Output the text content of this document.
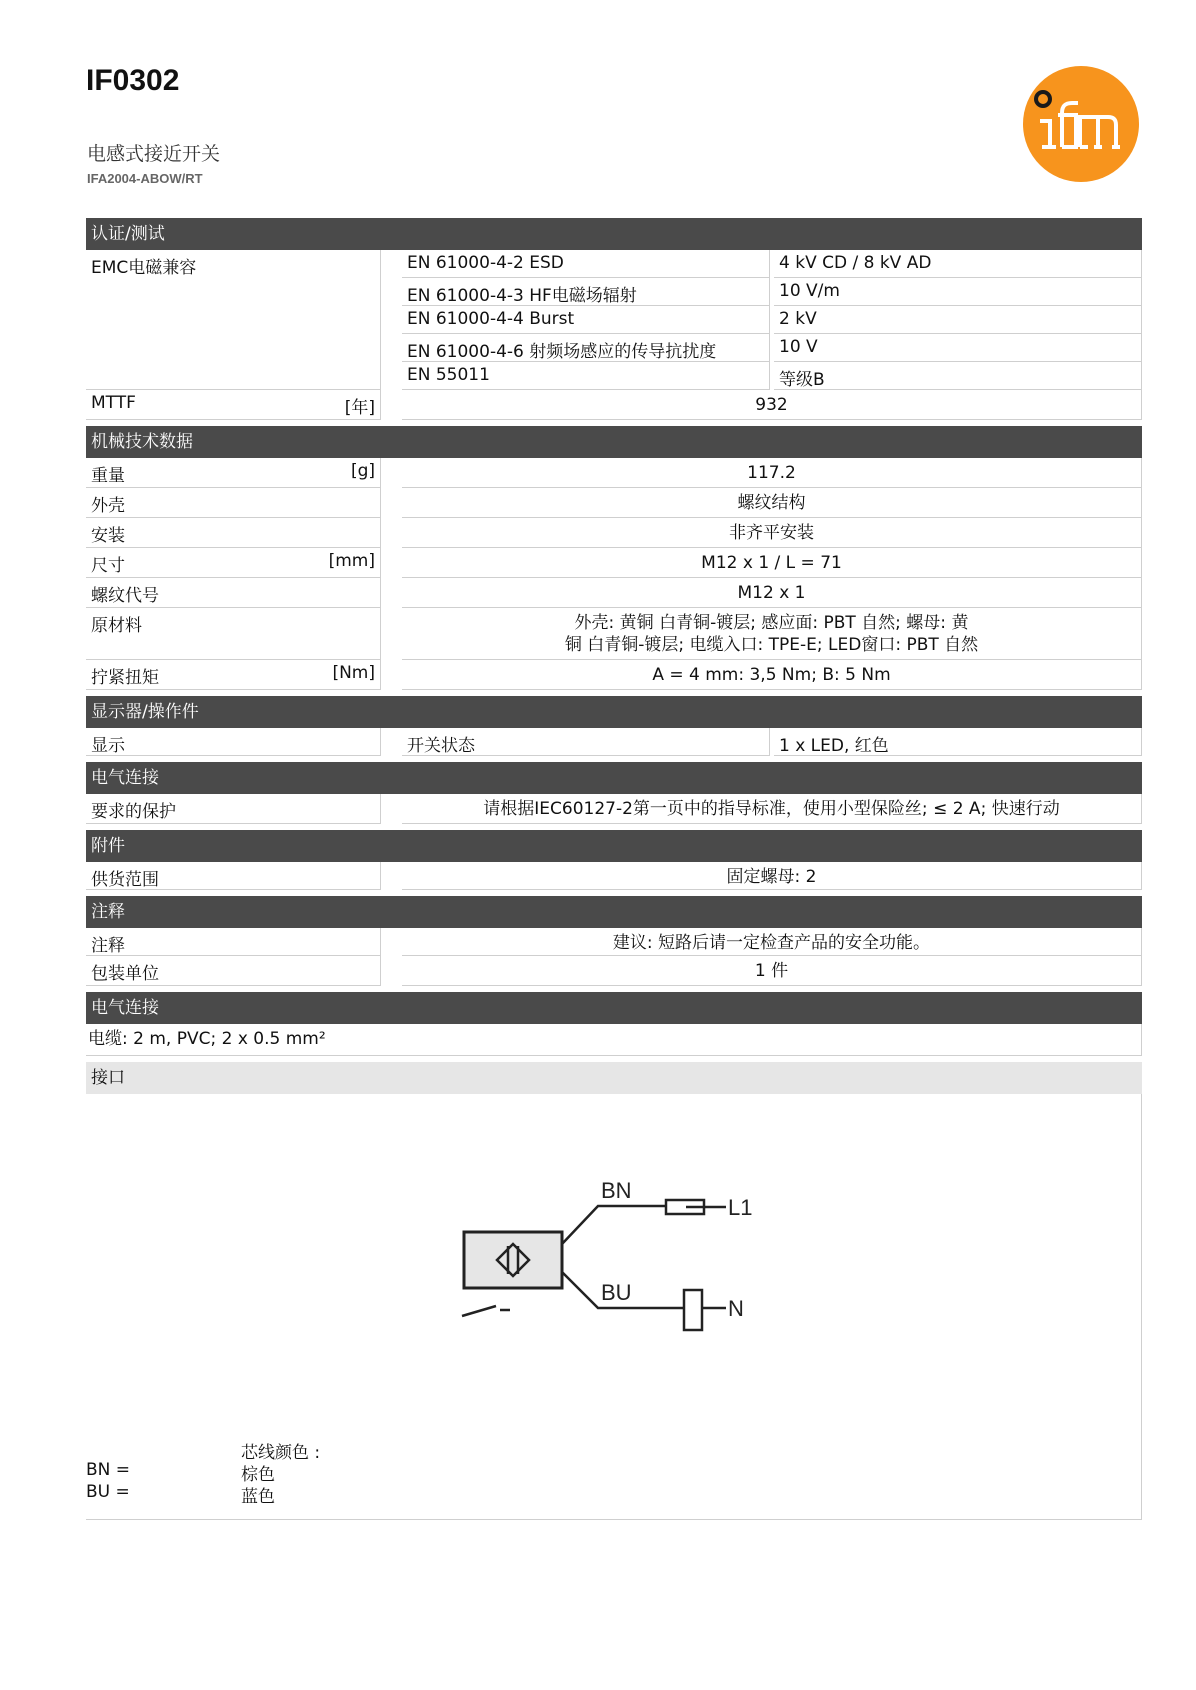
IF0302
电感式接近开关
IFA2004-ABOW/RT
认证/测试
EMC电磁兼容	EN 61000-4-2 ESD	4 kV CD / 8 kV AD
EN 61000-4-3 HF电磁场辐射	10 V/m
EN 61000-4-4 Burst	2 kV
EN 61000-4-6 射频场感应的传导抗扰度	10 V
EN 55011	等级B
MTTF	[年]	932
机械技术数据
重量	[g]	117.2
外壳	螺纹结构
安装	非齐平安装
尺寸	[mm]	M12 x 1 / L = 71
螺纹代号	M12 x 1
原材料	外壳: 黄铜 白青铜-镀层; 感应面: PBT 自然; 螺母: 黄
铜 白青铜-镀层; 电缆入口: TPE-E; LED窗口: PBT 自然
拧紧扭矩	[Nm]	A = 4 mm: 3,5 Nm; B: 5 Nm
显示器/操作件
显示	开关状态	1 x LED, 红色
电气连接
要求的保护	请根据IEC60127-2第一页中的指导标准，使用小型保险丝; ≤ 2 A; 快速行动
附件
供货范围	固定螺母: 2
注释
注释	建议: 短路后请一定检查产品的安全功能。
包装单位	1 件
电气连接
电缆: 2 m, PVC; 2 x 0.5 mm²
接口
BN
L1
BU
N
芯线颜色 :
BN =	棕色
BU =	蓝色
